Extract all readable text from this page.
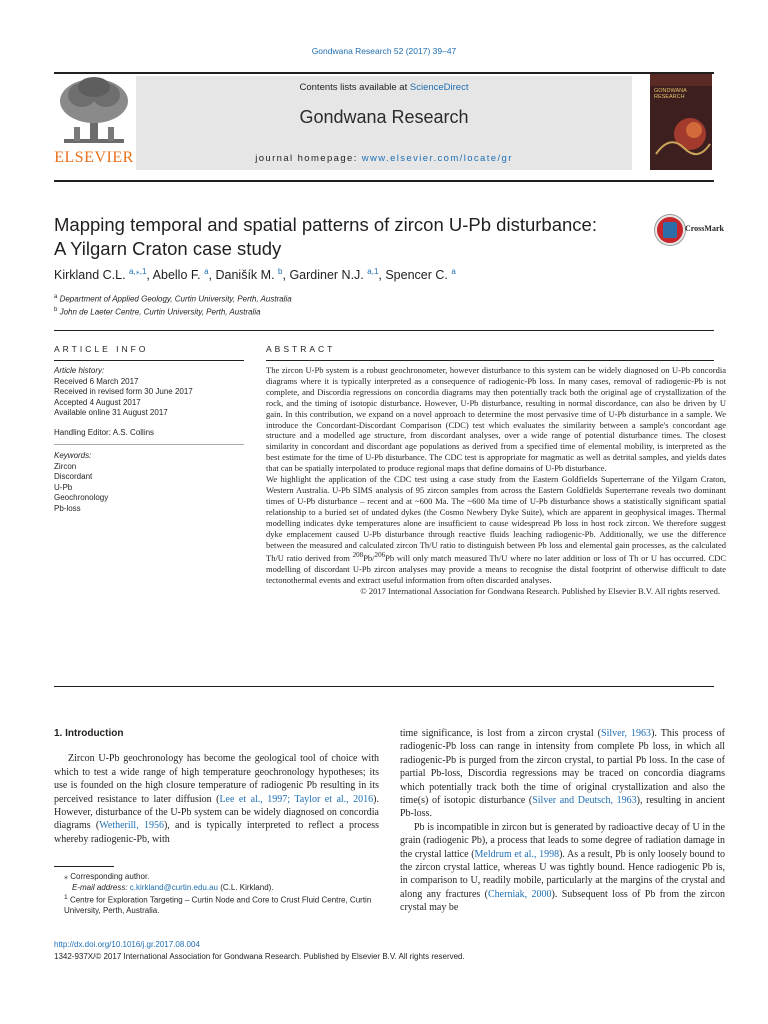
Gondwana Research 52 (2017) 39–47
ELSEVIER
Contents lists available at ScienceDirect
Gondwana Research
journal homepage: www.elsevier.com/locate/gr
GONDWANA RESEARCH
Mapping temporal and spatial patterns of zircon U-Pb disturbance:
A Yilgarn Craton case study
CrossMark
Kirkland C.L. $^{a,⁎,1}$, Abello F. $^a$, Danišík M. $^b$, Gardiner N.J. $^{a,1}$, Spencer C. $^a$
$^a$ Department of Applied Geology, Curtin University, Perth, Australia
$^b$ John de Laeter Centre, Curtin University, Perth, Australia
ARTICLE INFO	ABSTRACT
Article history:
Received 6 March 2017
Received in revised form 30 June 2017
Accepted 4 August 2017
Available online 31 August 2017
Handling Editor: A.S. Collins
Keywords:
Zircon
Discordant
U-Pb
Geochronology
Pb-loss

The zircon U-Pb system is a robust geochronometer, however disturbance to this system can be widely diagnosed on U-Pb concordia diagrams where it is typically interpreted as a consequence of radiogenic-Pb loss. In many cases, removal of radiogenic-Pb is not complete, and Discordia regressions on concordia diagrams may then potentially track both the original age of crystallization of the rock, and the timing of isotopic disturbance. However, U-Pb disturbance, resulting in normal discordance, can also be driven by U gain. In this contribution, we expand on a novel approach to determine the most pervasive time of U-Pb disturbance in a sample. We introduce the Concordant-Discordant Comparison (CDC) test which evaluates the similarity between a sample's concordant age structure and a modelled age structure, from discordant analyses, over a wide range of potential disturbance times. The closest similarity in concordant and discordant age populations as derived from a specified time of elemental mobility, is interpreted as the best estimate for the time of U-Pb disturbance. The CDC test is appropriate for magmatic as well as detrital samples, and yields dates that can be spatially interpolated to produce regional maps that define domains of U-Pb disturbance.

We highlight the application of the CDC test using a case study from the Eastern Goldfields Superterrane of the Yilgarn Craton, Western Australia. U-Pb SIMS analysis of 95 zircon samples from across the Eastern Goldfields Superterrane reveals two dominant times of U-Pb disturbance – recent and at ~600 Ma. The ~600 Ma time of U-Pb disturbance shows a statistically significant spatial relationship to a buried set of undated dykes (the Cosmo Newbery Dyke Suite), which are apparent in geophysical images. Thermal modelling indicates dyke temperatures alone are insufficient to cause widespread Pb loss in host rock zircon. We therefore suggest dyke emplacement caused U-Pb disturbance through reactive fluids leaching radiogenic-Pb. Additionally, we use the difference between the measured and calculated zircon Th/U ratio to distinguish between Pb loss and elemental gain processes, as the calculated Th/U ratio derived from $^{208}$Pb/$^{206}$Pb will only match measured Th/U where no later addition or loss of Th or U has occurred. CDC modelling of discordant U-Pb zircon analyses may provide a means to recognise the distal footprint of otherwise difficult to date tectonothermal events and extract useful information from often discarded analyses.

© 2017 International Association for Gondwana Research. Published by Elsevier B.V. All rights reserved.

1. Introduction

Zircon U-Pb geochronology has become the geological tool of choice with which to test a wide range of high temperature geochronology hypotheses; its use is founded on the high closure temperature of radiogenic Pb resulting in its perceived resistance to later diffusion (Lee et al., 1997; Taylor et al., 2016). However, disturbance of the U-Pb system can be widely diagnosed on concordia diagrams (Wetherill, 1956), and is typically interpreted to reflect a process whereby radiogenic-Pb, with

time significance, is lost from a zircon crystal (Silver, 1963). This process of radiogenic-Pb loss can range in intensity from complete Pb loss, in which all radiogenic-Pb is purged from the zircon crystal, to partial Pb loss. In the case of partial Pb-loss, Discordia regressions may be traced on concordia diagrams which potentially track both the time of original crystallization and also the time(s) of isotopic disturbance (Silver and Deutsch, 1963), resulting in ancient Pb-loss.

Pb is incompatible in zircon but is generated by radioactive decay of U in the grain (radiogenic Pb), a process that leads to some degree of radiation damage in the crystal lattice (Meldrum et al., 1998). As a result, Pb is only loosely bound to the zircon crystal lattice, whereas U was tightly bound. Hence radiogenic Pb is, in comparison to U, readily mobile, particularly at the margins of the crystal and along any fractures (Cherniak, 2000). Subsequent loss of Pb from the zircon crystal may be

⁎ Corresponding author.
E-mail address: c.kirkland@curtin.edu.au (C.L. Kirkland).
$^1$ Centre for Exploration Targeting – Curtin Node and Core to Crust Fluid Centre, Curtin University, Perth, Australia.
http://dx.doi.org/10.1016/j.gr.2017.08.004
1342-937X/© 2017 International Association for Gondwana Research. Published by Elsevier B.V. All rights reserved.
